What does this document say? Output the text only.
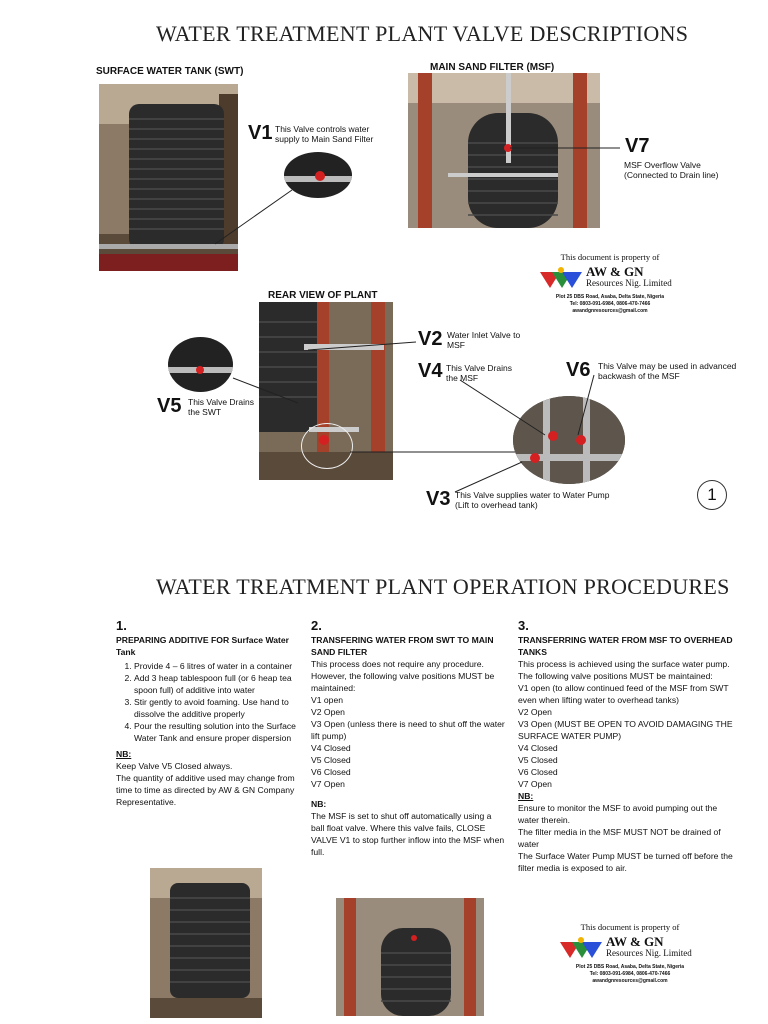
WATER TREATMENT PLANT VALVE DESCRIPTIONS
SURFACE WATER TANK (SWT)	MAIN SAND FILTER (MSF)
V1 This Valve controls water supply to Main Sand Filter	V7
MSF Overflow Valve (Connected to Drain line)
This document is property of
AW & GN
Resources Nig. Limited
Plot 25 DBS Road, Asaba, Delta State, Nigeria
Tel: 0803-091-6984, 0806-470-7466
awandgnresources@gmail.com
REAR VIEW OF PLANT
V5 This Valve Drains the SWT
V2 Water Inlet Valve to MSF
V4 This Valve Drains the MSF	V6 This Valve may be used in advanced backwash of the MSF
V3 This Valve supplies water to Water Pump (Lift to overhead tank)
1
WATER TREATMENT PLANT OPERATION PROCEDURES
1.
PREPARING ADDITIVE FOR Surface Water Tank
1. Provide 4 – 6 litres of water in a container
2. Add 3 heap tablespoon full (or 6 heap tea spoon full) of additive into water
3. Stir gently to avoid foaming. Use hand to dissolve the additive properly
4. Pour the resulting solution into the Surface Water Tank and ensure proper dispersion
NB:
Keep Valve V5 Closed always.
The quantity of additive used may change from time to time as directed by AW & GN Company Representative.
2.
TRANSFERING WATER FROM SWT TO MAIN SAND FILTER
This process does not require any procedure. However, the following valve positions MUST be maintained:
V1 open
V2 Open
V3 Open (unless there is need to shut off the water lift pump)
V4 Closed
V5 Closed
V6 Closed
V7 Open
NB:
The MSF is set to shut off automatically using a ball float valve. Where this valve fails, CLOSE VALVE V1 to stop further inflow into the MSF when full.
3.
TRANSFERRING WATER FROM MSF TO OVERHEAD TANKS
This process is achieved using the surface water pump. The following valve positions MUST be maintained:
V1 open (to allow continued feed of the MSF from SWT even when lifting water to overhead tanks)
V2 Open
V3 Open (MUST BE OPEN TO AVOID DAMAGING THE SURFACE WATER PUMP)
V4 Closed
V5 Closed
V6 Closed
V7 Open
NB:
Ensure to monitor the MSF to avoid pumping out the water therein.
The filter media in the MSF MUST NOT be drained of water
The Surface Water Pump MUST be turned off before the filter media is exposed to air.
This document is property of
AW & GN
Resources Nig. Limited
Plot 25 DBS Road, Asaba, Delta State, Nigeria
Tel: 0803-091-6984, 0806-470-7466
awandgnresources@gmail.com
